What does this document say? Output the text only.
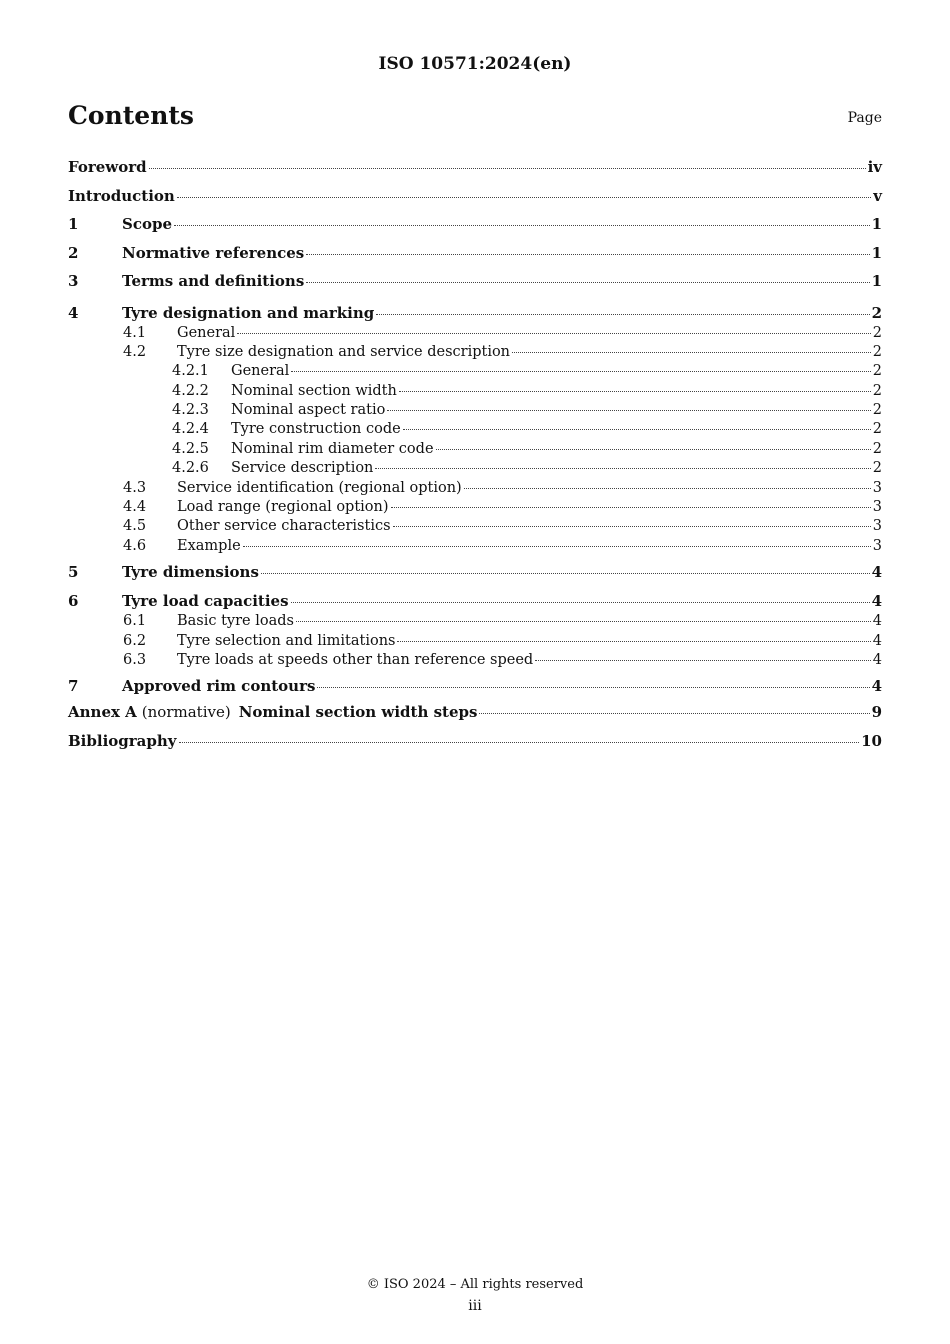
ISO 10571:2024(en)
Contents	Page
Foreword	iv
Introduction	v
1	Scope	1
2	Normative references	1
3	Terms and definitions	1
4	Tyre designation and marking	2
4.1	General	2
4.2	Tyre size designation and service description	2
4.2.1	General	2
4.2.2	Nominal section width	2
4.2.3	Nominal aspect ratio	2
4.2.4	Tyre construction code	2
4.2.5	Nominal rim diameter code	2
4.2.6	Service description	2
4.3	Service identification (regional option)	3
4.4	Load range (regional option)	3
4.5	Other service characteristics	3
4.6	Example	3
5	Tyre dimensions	4
6	Tyre load capacities	4
6.1	Basic tyre loads	4
6.2	Tyre selection and limitations	4
6.3	Tyre loads at speeds other than reference speed	4
7	Approved rim contours	4
Annex A (normative) Nominal section width steps	9
Bibliography	10
© ISO 2024 – All rights reserved
iii
